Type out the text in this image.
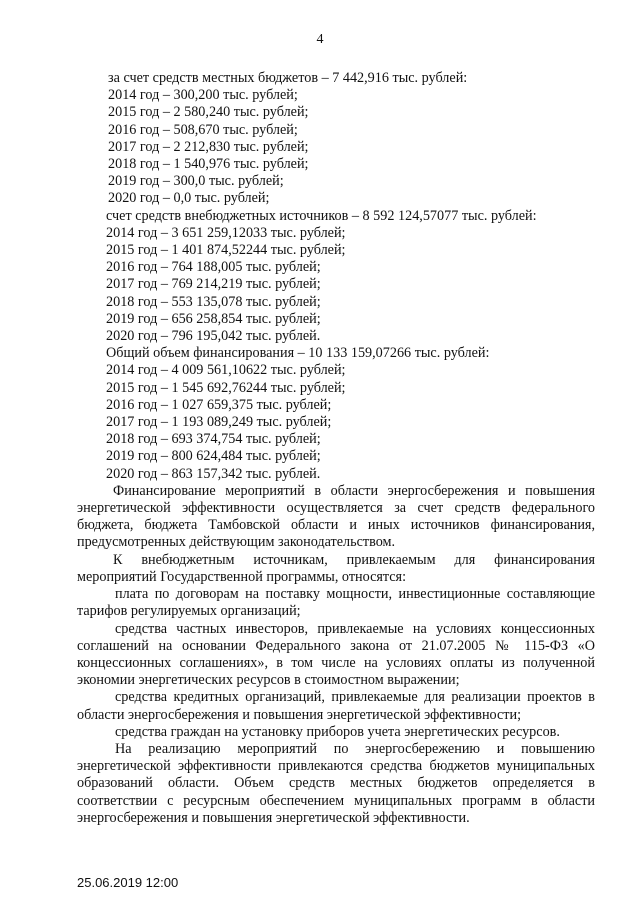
4
за счет средств местных бюджетов – 7 442,916 тыс. рублей:
2014 год – 300,200 тыс. рублей;
2015 год – 2 580,240 тыс. рублей;
2016 год – 508,670 тыс. рублей;
2017 год – 2 212,830 тыс. рублей;
2018 год – 1 540,976 тыс. рублей;
2019 год – 300,0 тыс. рублей;
2020 год – 0,0 тыс. рублей;
счет средств внебюджетных источников – 8 592 124,57077 тыс. рублей:
2014 год – 3 651 259,12033 тыс. рублей;
2015 год – 1 401 874,52244 тыс. рублей;
2016 год – 764 188,005 тыс. рублей;
2017 год – 769 214,219 тыс. рублей;
2018 год – 553 135,078 тыс. рублей;
2019 год – 656 258,854 тыс. рублей;
2020 год – 796 195,042 тыс. рублей.
Общий объем финансирования – 10 133 159,07266 тыс. рублей:
2014 год – 4 009 561,10622 тыс. рублей;
2015 год – 1 545 692,76244 тыс. рублей;
2016 год – 1 027 659,375 тыс. рублей;
2017 год – 1 193 089,249 тыс. рублей;
2018 год – 693 374,754 тыс. рублей;
2019 год – 800 624,484 тыс. рублей;
2020 год – 863 157,342 тыс. рублей.

Финансирование мероприятий в области энергосбережения и повышения энергетической эффективности осуществляется за счет средств федерального бюджета, бюджета Тамбовской области и иных источников финансирования, предусмотренных действующим законодательством.

К внебюджетным источникам, привлекаемым для финансирования мероприятий Государственной программы, относятся:

плата по договорам на поставку мощности, инвестиционные составляющие тарифов регулируемых организаций;

средства частных инвесторов, привлекаемые на условиях концессионных соглашений на основании Федерального закона от 21.07.2005 № 115-ФЗ «О концессионных соглашениях», в том числе на условиях оплаты из полученной экономии энергетических ресурсов в стоимостном выражении;

средства кредитных организаций, привлекаемые для реализации проектов в области энергосбережения и повышения энергетической эффективности;

средства граждан на установку приборов учета энергетических ресурсов.

На реализацию мероприятий по энергосбережению и повышению энергетической эффективности привлекаются средства бюджетов муниципальных образований области. Объем средств местных бюджетов определяется в соответствии с ресурсным обеспечением муниципальных программ в области энергосбережения и повышения энергетической эффективности.

25.06.2019 12:00
